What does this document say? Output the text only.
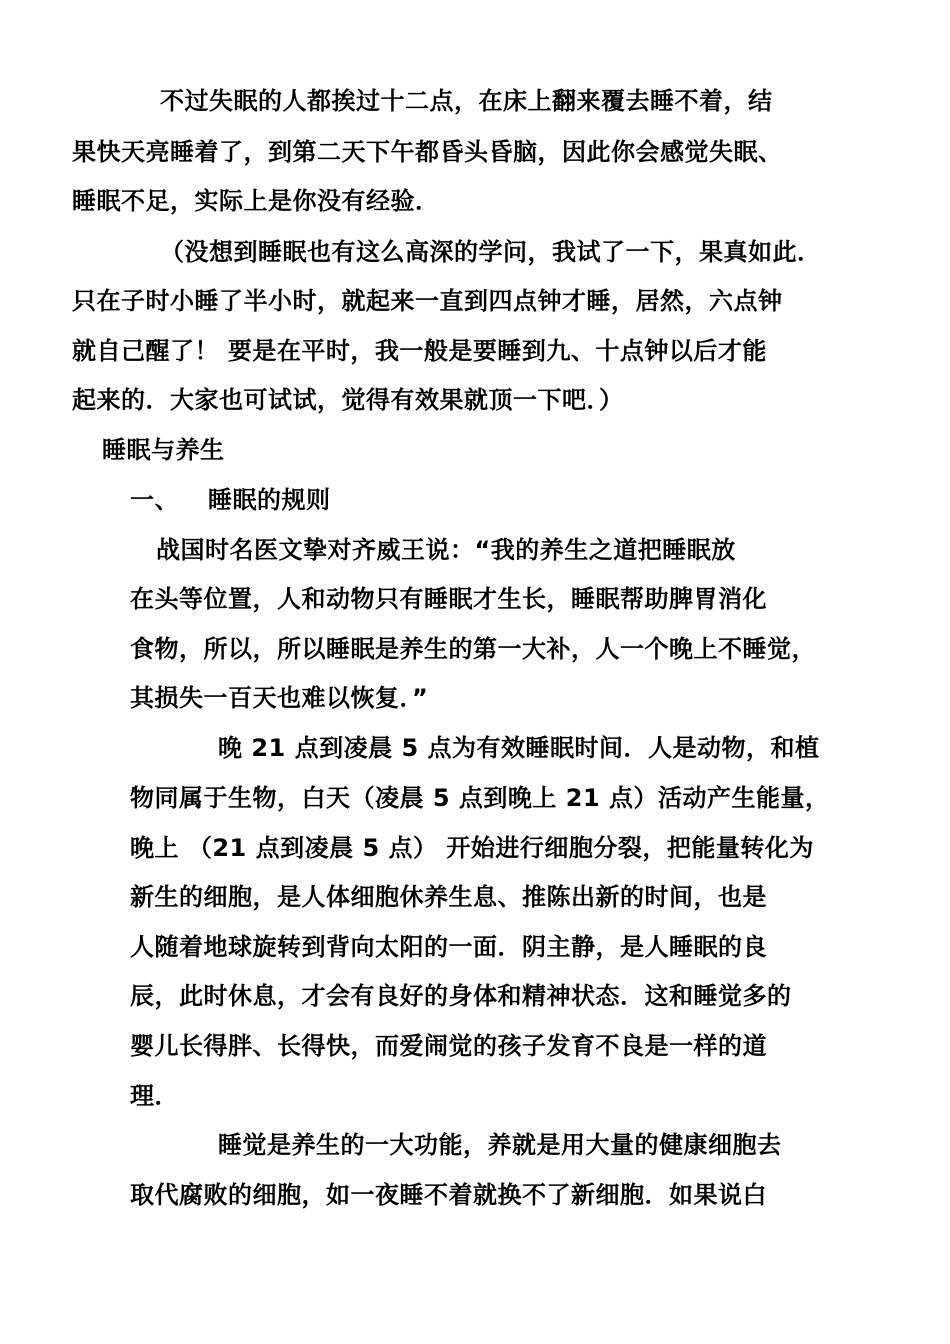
不过失眠的人都挨过十二点，在床上翻来覆去睡不着，结
果快天亮睡着了，到第二天下午都昏头昏脑，因此你会感觉失眠、
睡眠不足，实际上是你没有经验．
（没想到睡眠也有这么高深的学问，我试了一下，果真如此．
只在子时小睡了半小时，就起来一直到四点钟才睡，居然，六点钟
就自己醒了！ 要是在平时，我一般是要睡到九、十点钟以后才能
起来的．大家也可试试，觉得有效果就顶一下吧．）
睡眠与养生
一、 睡眠的规则
战国时名医文挚对齐威王说：“我的养生之道把睡眠放
在头等位置，人和动物只有睡眠才生长，睡眠帮助脾胃消化
食物，所以，所以睡眠是养生的第一大补，人一个晚上不睡觉，
其损失一百天也难以恢复．”
晚 21 点到凌晨 5 点为有效睡眠时间．人是动物，和植
物同属于生物，白天（凌晨 5 点到晚上 21 点）活动产生能量，
晚上 （21 点到凌晨 5 点） 开始进行细胞分裂，把能量转化为
新生的细胞，是人体细胞休养生息、推陈出新的时间，也是
人随着地球旋转到背向太阳的一面．阴主静，是人睡眠的良
辰，此时休息，才会有良好的身体和精神状态．这和睡觉多的
婴儿长得胖、长得快，而爱闹觉的孩子发育不良是一样的道
理．
睡觉是养生的一大功能，养就是用大量的健康细胞去
取代腐败的细胞，如一夜睡不着就换不了新细胞．如果说白
